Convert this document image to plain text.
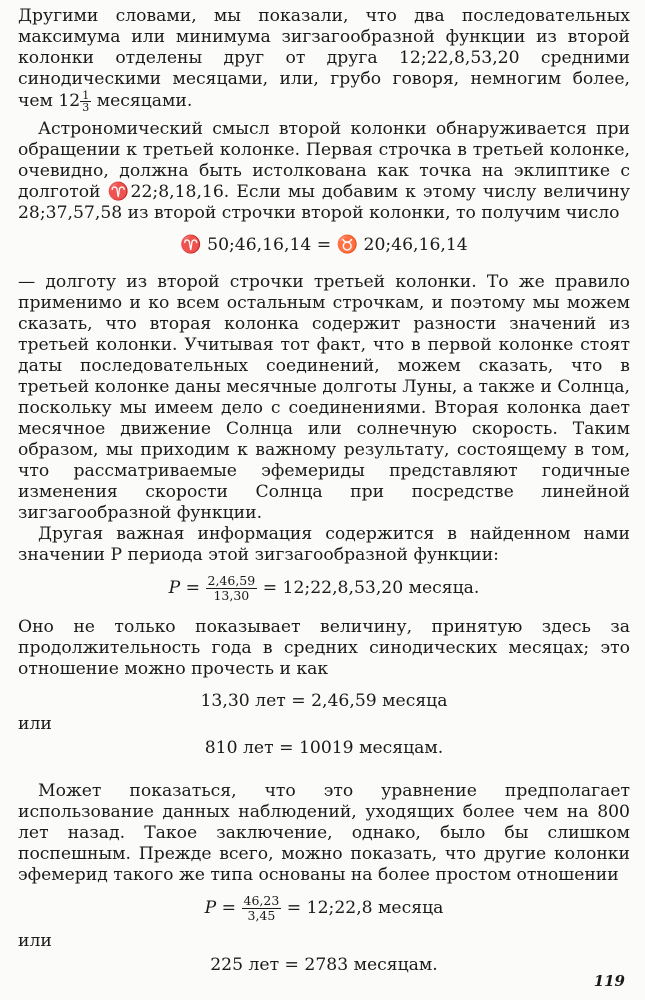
Другими словами, мы показали, что два последовательных максимума или минимума зигзагообразной функции из второй колонки отделены друг от друга 12;22,8,53,20 средними синодическими месяцами, или, грубо говоря, немногим более, чем $12 \frac{1}{3}$ месяцами.

Астрономический смысл второй колонки обнаруживается при обращении к третьей колонке. Первая строчка в третьей колонке, очевидно, должна быть истолкована как точка на эклиптике с долготой ♈22;8,18,16. Если мы добавим к этому числу величину 28;37,57,58 из второй строчки второй колонки, то получим число

♈ 50;46,16,14 = ♉ 20;46,16,14

— долготу из второй строчки третьей колонки. То же правило применимо и ко всем остальным строчкам, и поэтому мы можем сказать, что вторая колонка содержит разности значений из третьей колонки. Учитывая тот факт, что в первой колонке стоят даты последовательных соединений, можем сказать, что в третьей колонке даны месячные долготы Луны, а также и Солнца, поскольку мы имеем дело с соединениями. Вторая колонка дает месячное движение Солнца или солнечную скорость. Таким образом, мы приходим к важному результату, состоящему в том, что рассматриваемые эфемериды представляют годичные изменения скорости Солнца при посредстве линейной зигзагообразной функции.

Другая важная информация содержится в найденном нами значении P периода этой зигзагообразной функции:

$P = \frac{2,46,59}{13,30}$ = 12;22,8,53,20 месяца.

Оно не только показывает величину, принятую здесь за продолжительность года в средних синодических месяцах; это отношение можно прочесть и как

13,30 лет = 2,46,59 месяца

или

810 лет = 10019 месяцам.

Может показаться, что это уравнение предполагает использование данных наблюдений, уходящих более чем на 800 лет назад. Такое заключение, однако, было бы слишком поспешным. Прежде всего, можно показать, что другие колонки эфемерид такого же типа основаны на более простом отношении

$P = \frac{46,23}{3,45}$ = 12;22,8 месяца

или

225 лет = 2783 месяцам.

119
